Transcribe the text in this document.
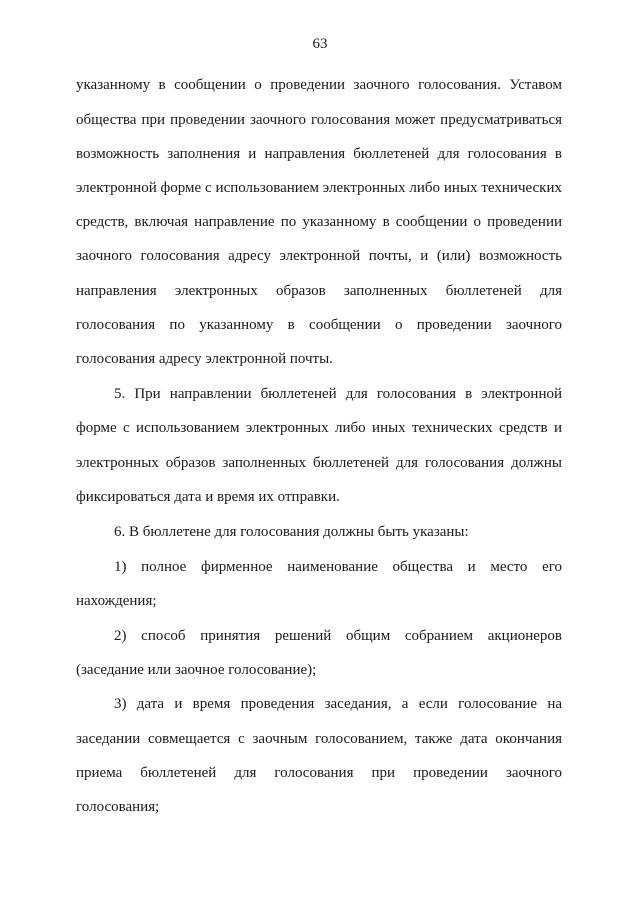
63
указанному в сообщении о проведении заочного голосования. Уставом
общества при проведении заочного голосования может предусматриваться
возможность заполнения и направления бюллетеней для голосования в
электронной форме с использованием электронных либо иных технических
средств, включая направление по указанному в сообщении о проведении
заочного голосования адресу электронной почты, и (или) возможность
направления электронных образов заполненных бюллетеней для
голосования по указанному в сообщении о проведении заочного
голосования адресу электронной почты.
5. При направлении бюллетеней для голосования в электронной
форме с использованием электронных либо иных технических средств и
электронных образов заполненных бюллетеней для голосования должны
фиксироваться дата и время их отправки.
6. В бюллетене для голосования должны быть указаны:
1) полное фирменное наименование общества и место его
нахождения;
2) способ принятия решений общим собранием акционеров
(заседание или заочное голосование);
3) дата и время проведения заседания, а если голосование на
заседании совмещается с заочным голосованием, также дата окончания
приема бюллетеней для голосования при проведении заочного
голосования;
